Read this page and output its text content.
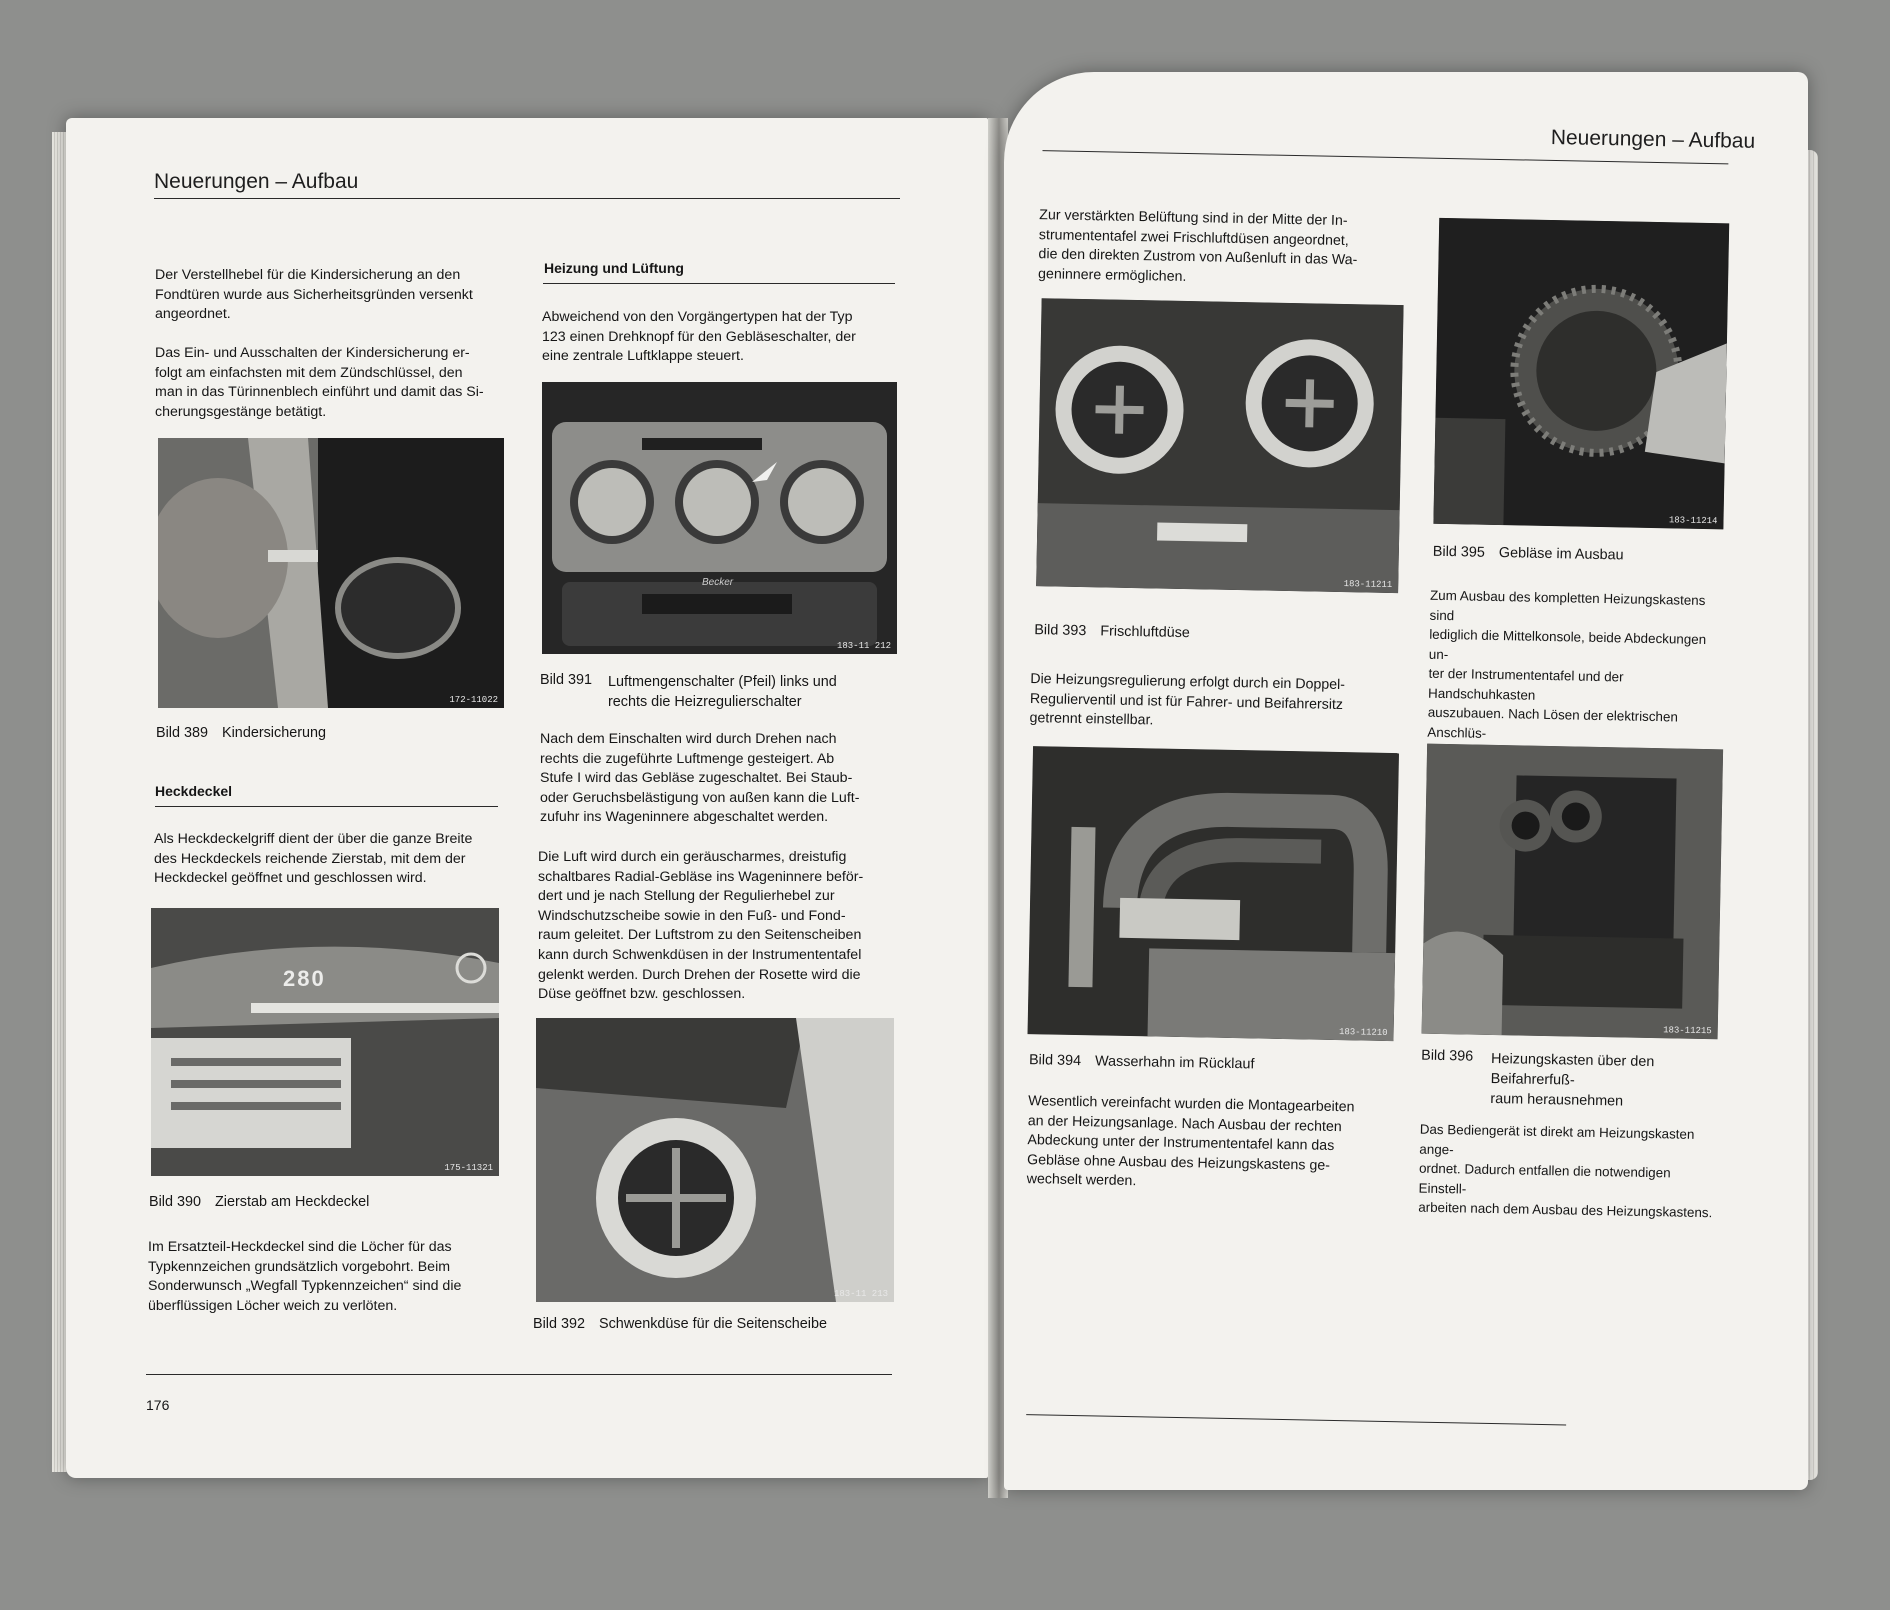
Neuerungen – Aufbau

Der Verstellhebel für die Kindersicherung an den
Fondtüren wurde aus Sicherheitsgründen versenkt
angeordnet.

Das Ein- und Ausschalten der Kindersicherung er-
folgt am einfachsten mit dem Zündschlüssel, den
man in das Türinnenblech einführt und damit das Si-
cherungsgestänge betätigt.

172-11022
Bild 389 Kindersicherung
Heckdeckel

Als Heckdeckelgriff dient der über die ganze Breite
des Heckdeckels reichende Zierstab, mit dem der
Heckdeckel geöffnet und geschlossen wird.

280
175-11321
Bild 390 Zierstab am Heckdeckel

Im Ersatzteil-Heckdeckel sind die Löcher für das
Typkennzeichen grundsätzlich vorgebohrt. Beim
Sonderwunsch „Wegfall Typkennzeichen“ sind die
überflüssigen Löcher weich zu verlöten.

Heizung und Lüftung

Abweichend von den Vorgängertypen hat der Typ
123 einen Drehknopf für den Gebläseschalter, der
eine zentrale Luftklappe steuert.

Becker
183-11 212
Bild 391 Luftmengenschalter (Pfeil) links und
rechts die Heizregulierschalter

Nach dem Einschalten wird durch Drehen nach
rechts die zugeführte Luftmenge gesteigert. Ab
Stufe I wird das Gebläse zugeschaltet. Bei Staub-
oder Geruchsbelästigung von außen kann die Luft-
zufuhr ins Wageninnere abgeschaltet werden.

Die Luft wird durch ein geräuscharmes, dreistufig
schaltbares Radial-Gebläse ins Wageninnere beför-
dert und je nach Stellung der Regulierhebel zur
Windschutzscheibe sowie in den Fuß- und Fond-
raum geleitet. Der Luftstrom zu den Seitenscheiben
kann durch Schwenkdüsen in der Instrumententafel
gelenkt werden. Durch Drehen der Rosette wird die
Düse geöffnet bzw. geschlossen.

183-11 213
Bild 392 Schwenkdüse für die Seitenscheibe
176
Neuerungen – Aufbau

Zur verstärkten Belüftung sind in der Mitte der In-
strumententafel zwei Frischluftdüsen angeordnet,
die den direkten Zustrom von Außenluft in das Wa-
geninnere ermöglichen.

183-11211
Bild 393 Frischluftdüse

Die Heizungsregulierung erfolgt durch ein Doppel-
Regulierventil und ist für Fahrer- und Beifahrersitz
getrennt einstellbar.

183-11210
Bild 394 Wasserhahn im Rücklauf

Wesentlich vereinfacht wurden die Montagearbeiten
an der Heizungsanlage. Nach Ausbau der rechten
Abdeckung unter der Instrumententafel kann das
Gebläse ohne Ausbau des Heizungskastens ge-
wechselt werden.

183-11214
Bild 395 Gebläse im Ausbau

Zum Ausbau des kompletten Heizungskastens sind
lediglich die Mittelkonsole, beide Abdeckungen un-
ter der Instrumententafel und der Handschuhkasten
auszubauen. Nach Lösen der elektrischen Anschlüs-

183-11215
Bild 396 Heizungskasten über den Beifahrerfuß-
raum herausnehmen

Das Bediengerät ist direkt am Heizungskasten ange-
ordnet. Dadurch entfallen die notwendigen Einstell-
arbeiten nach dem Ausbau des Heizungskastens.
